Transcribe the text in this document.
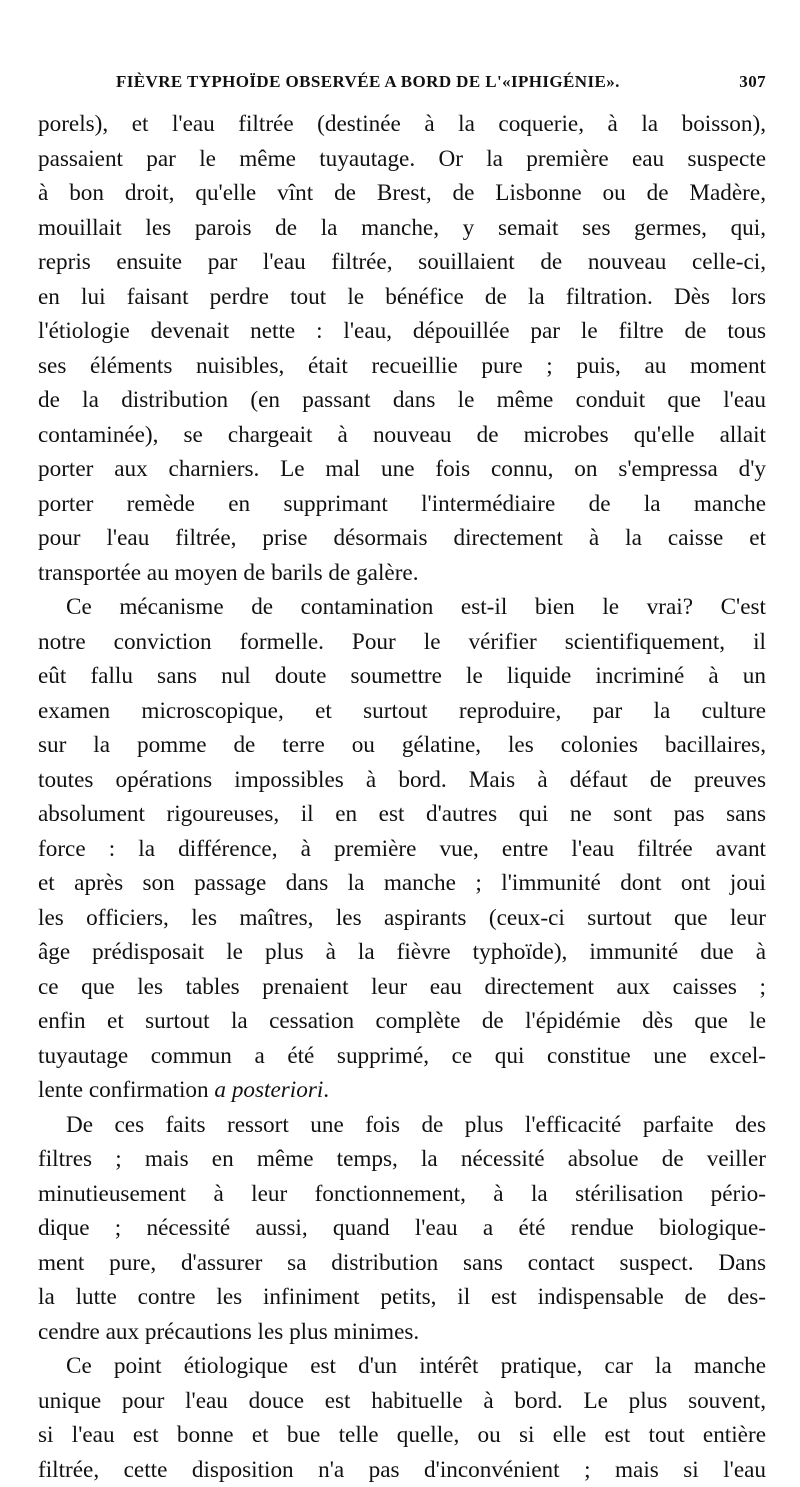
FIÈVRE TYPHOÏDE OBSERVÉE A BORD DE L'«IPHIGÉNIE».	307
porels), et l'eau filtrée (destinée à la coquerie, à la boisson),
passaient par le même tuyautage. Or la première eau suspecte
à bon droit, qu'elle vînt de Brest, de Lisbonne ou de Madère,
mouillait les parois de la manche, y semait ses germes, qui,
repris ensuite par l'eau filtrée, souillaient de nouveau celle-ci,
en lui faisant perdre tout le bénéfice de la filtration. Dès lors
l'étiologie devenait nette : l'eau, dépouillée par le filtre de tous
ses éléments nuisibles, était recueillie pure ; puis, au moment
de la distribution (en passant dans le même conduit que l'eau
contaminée), se chargeait à nouveau de microbes qu'elle allait
porter aux charniers. Le mal une fois connu, on s'empressa d'y
porter remède en supprimant l'intermédiaire de la manche
pour l'eau filtrée, prise désormais directement à la caisse et
transportée au moyen de barils de galère.
Ce mécanisme de contamination est-il bien le vrai? C'est
notre conviction formelle. Pour le vérifier scientifiquement, il
eût fallu sans nul doute soumettre le liquide incriminé à un
examen microscopique, et surtout reproduire, par la culture
sur la pomme de terre ou gélatine, les colonies bacillaires,
toutes opérations impossibles à bord. Mais à défaut de preuves
absolument rigoureuses, il en est d'autres qui ne sont pas sans
force : la différence, à première vue, entre l'eau filtrée avant
et après son passage dans la manche ; l'immunité dont ont joui
les officiers, les maîtres, les aspirants (ceux-ci surtout que leur
âge prédisposait le plus à la fièvre typhoïde), immunité due à
ce que les tables prenaient leur eau directement aux caisses ;
enfin et surtout la cessation complète de l'épidémie dès que le
tuyautage commun a été supprimé, ce qui constitue une excel-
lente confirmation a posteriori.
De ces faits ressort une fois de plus l'efficacité parfaite des
filtres ; mais en même temps, la nécessité absolue de veiller
minutieusement à leur fonctionnement, à la stérilisation pério-
dique ; nécessité aussi, quand l'eau a été rendue biologique-
ment pure, d'assurer sa distribution sans contact suspect. Dans
la lutte contre les infiniment petits, il est indispensable de des-
cendre aux précautions les plus minimes.
Ce point étiologique est d'un intérêt pratique, car la manche
unique pour l'eau douce est habituelle à bord. Le plus souvent,
si l'eau est bonne et bue telle quelle, ou si elle est tout entière
filtrée, cette disposition n'a pas d'inconvénient ; mais si l'eau
